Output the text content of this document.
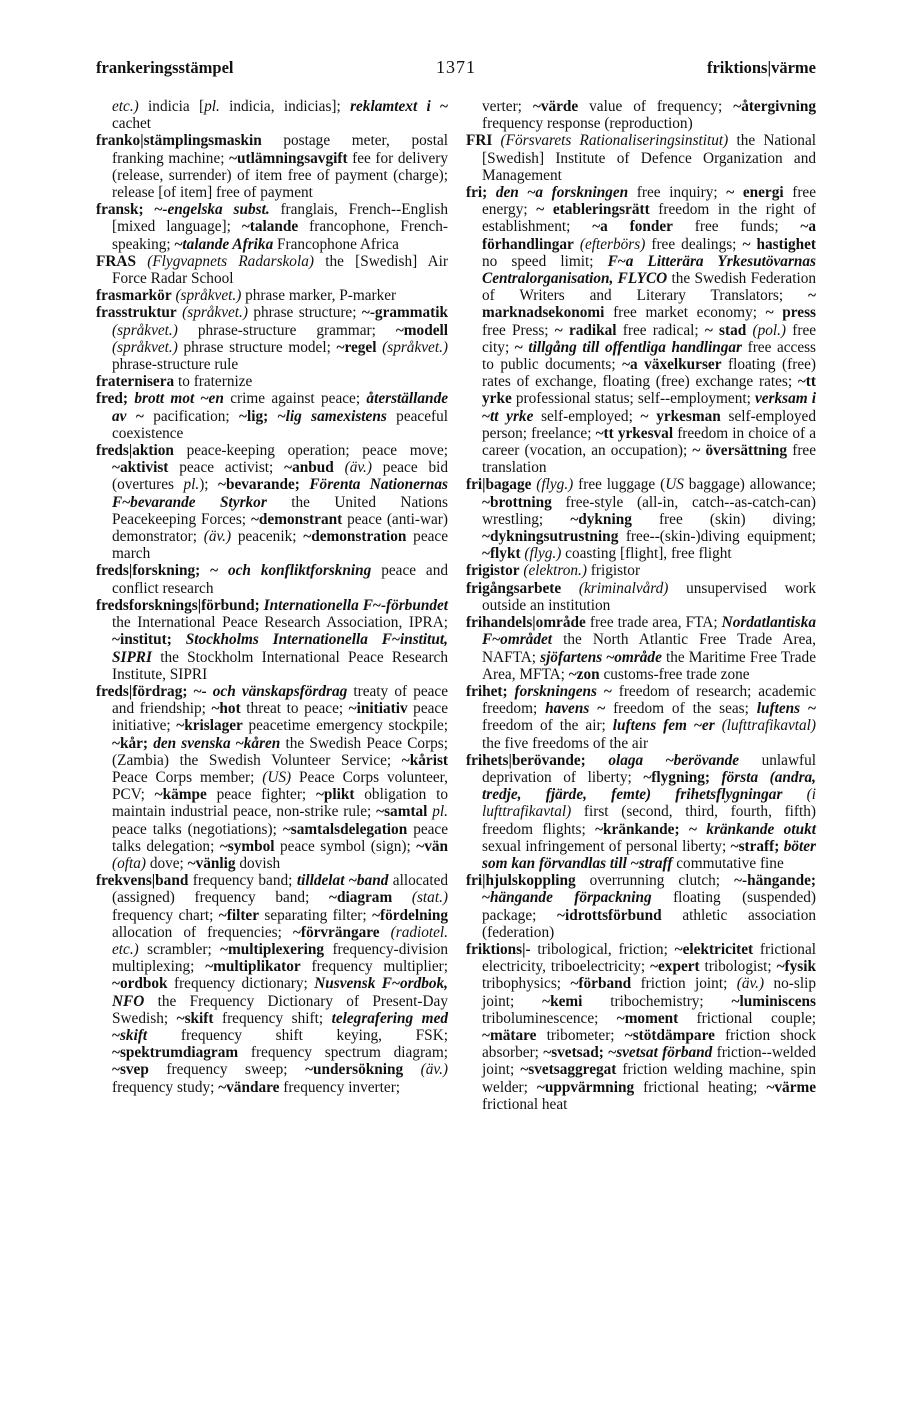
frankeringsstämpel	1371	friktions|värme

etc.) indicia [pl. indicia, indicias]; reklamtext i ~ cachet

franko|stämplingsmaskin postage meter, postal franking machine; ~utlämningsavgift fee for delivery (release, surrender) of item free of payment (charge); release [of item] free of payment

fransk; ~-engelska subst. franglais, French--English [mixed language]; ~talande francophone, French-speaking; ~talande Afrika Francophone Africa

FRAS (Flygvapnets Radarskola) the [Swedish] Air Force Radar School

frasmarkör (språkvet.) phrase marker, P-marker

frasstruktur (språkvet.) phrase structure; ~-grammatik (språkvet.) phrase-structure grammar; ~modell (språkvet.) phrase structure model; ~regel (språkvet.) phrase-structure rule

fraternisera to fraternize

fred; brott mot ~en crime against peace; återställande av ~ pacification; ~lig; ~lig samexistens peaceful coexistence

freds|aktion peace-keeping operation; peace move; ~aktivist peace activist; ~anbud (äv.) peace bid (overtures pl.); ~bevarande; Förenta Nationernas F~bevarande Styrkor the United Nations Peacekeeping Forces; ~demonstrant peace (anti-war) demonstrator; (äv.) peacenik; ~demonstration peace march

freds|forskning; ~ och konfliktforskning peace and conflict research

fredsforsknings|förbund; Internationella F~-förbundet the International Peace Research Association, IPRA; ~institut; Stockholms Internationella F~institut, SIPRI the Stockholm International Peace Research Institute, SIPRI

freds|fördrag; ~- och vänskapsfördrag treaty of peace and friendship; ~hot threat to peace; ~initiativ peace initiative; ~krislager peacetime emergency stockpile; ~kår; den svenska ~kåren the Swedish Peace Corps; (Zambia) the Swedish Volunteer Service; ~kårist Peace Corps member; (US) Peace Corps volunteer, PCV; ~kämpe peace fighter; ~plikt obligation to maintain industrial peace, non-strike rule; ~samtal pl. peace talks (negotiations); ~samtalsdelegation peace talks delegation; ~symbol peace symbol (sign); ~vän (ofta) dove; ~vänlig dovish

frekvens|band frequency band; tilldelat ~band allocated (assigned) frequency band; ~diagram (stat.) frequency chart; ~filter separating filter; ~fördelning allocation of frequencies; ~förvrängare (radiotel. etc.) scrambler; ~multiplexering frequency-division multiplexing; ~multiplikator frequency multiplier; ~ordbok frequency dictionary; Nusvensk F~ordbok, NFO the Frequency Dictionary of Present-Day Swedish; ~skift frequency shift; telegrafering med ~skift frequency shift keying, FSK; ~spektrumdiagram frequency spectrum diagram; ~svep frequency sweep; ~undersökning (äv.) frequency study; ~vändare frequency inverter;

verter; ~värde value of frequency; ~återgivning frequency response (reproduction)

FRI (Försvarets Rationaliseringsinstitut) the National [Swedish] Institute of Defence Organization and Management

fri; den ~a forskningen free inquiry; ~ energi free energy; ~ etableringsrätt freedom in the right of establishment; ~a fonder free funds; ~a förhandlingar (efterbörs) free dealings; ~ hastighet no speed limit; F~a Litterära Yrkesutövarnas Centralorganisation, FLYCO the Swedish Federation of Writers and Literary Translators; ~ marknadsekonomi free market economy; ~ press free Press; ~ radikal free radical; ~ stad (pol.) free city; ~ tillgång till offentliga handlingar free access to public documents; ~a växelkurser floating (free) rates of exchange, floating (free) exchange rates; ~tt yrke professional status; self--employment; verksam i ~tt yrke self-employed; ~ yrkesman self-employed person; freelance; ~tt yrkesval freedom in choice of a career (vocation, an occupation); ~ översättning free translation

fri|bagage (flyg.) free luggage (US baggage) allowance; ~brottning free-style (all-in, catch--as-catch-can) wrestling; ~dykning free (skin) diving; ~dykningsutrustning free--(skin-)diving equipment; ~flykt (flyg.) coasting [flight], free flight

frigistor (elektron.) frigistor

frigångsarbete (kriminalvård) unsupervised work outside an institution

frihandels|område free trade area, FTA; Nordatlantiska F~området the North Atlantic Free Trade Area, NAFTA; sjöfartens ~område the Maritime Free Trade Area, MFTA; ~zon customs-free trade zone

frihet; forskningens ~ freedom of research; academic freedom; havens ~ freedom of the seas; luftens ~ freedom of the air; luftens fem ~er (lufttrafikavtal) the five freedoms of the air

frihets|berövande; olaga ~berövande unlawful deprivation of liberty; ~flygning; första (andra, tredje, fjärde, femte) frihetsflygningar (i lufttrafikavtal) first (second, third, fourth, fifth) freedom flights; ~kränkande; ~ kränkande otukt sexual infringement of personal liberty; ~straff; böter som kan förvandlas till ~straff commutative fine

fri|hjulskoppling overrunning clutch; ~-hängande; ~hängande förpackning floating (suspended) package; ~idrottsförbund athletic association (federation)

friktions|- tribological, friction; ~elektricitet frictional electricity, triboelectricity; ~expert tribologist; ~fysik tribophysics; ~förband friction joint; (äv.) no-slip joint; ~kemi tribochemistry; ~luminiscens triboluminescence; ~moment frictional couple; ~mätare tribometer; ~stötdämpare friction shock absorber; ~svetsad; ~svetsat förband friction--welded joint; ~svetsaggregat friction welding machine, spin welder; ~uppvärmning frictional heating; ~värme frictional heat
